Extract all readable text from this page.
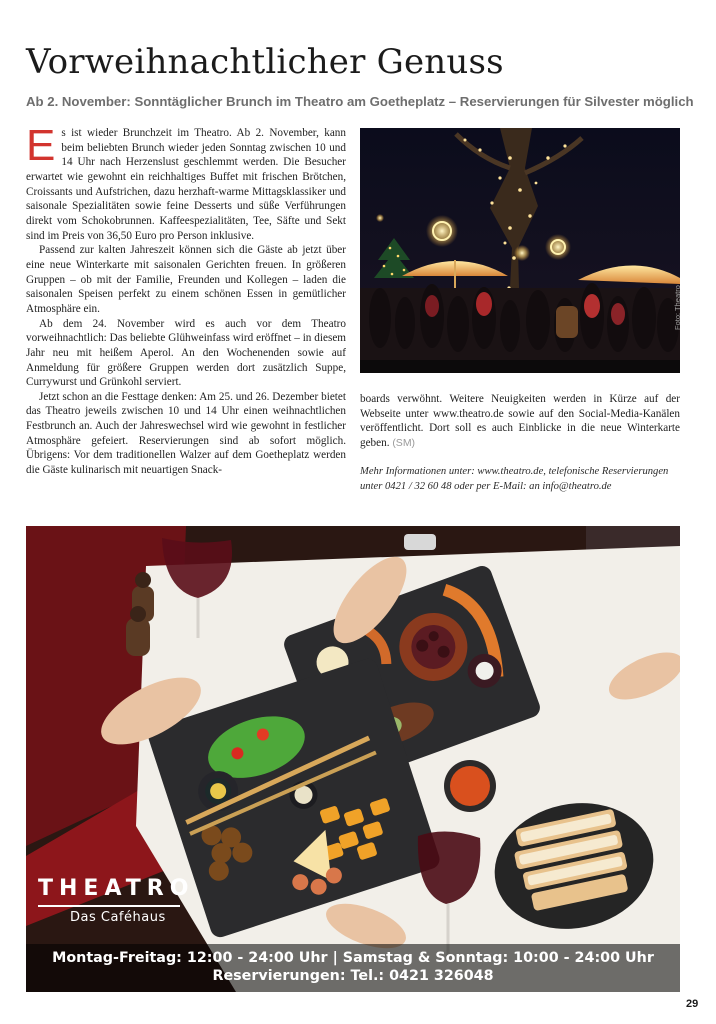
Vorweihnachtlicher Genuss
Ab 2. November: Sonntäglicher Brunch im Theatro am Goetheplatz – Reservierungen für Silvester möglich

Es ist wieder Brunchzeit im Theatro. Ab 2. November, kann beim beliebten Brunch wieder jeden Sonntag zwischen 10 und 14 Uhr nach Herzenslust geschlemmt werden. Die Besucher erwartet wie gewohnt ein reichhaltiges Buffet mit frischen Brötchen, Croissants und Aufstrichen, dazu herzhaft-warme Mittagsklassiker und saisonale Spezialitäten sowie feine Desserts und süße Verführungen direkt vom Schokobrunnen. Kaffeespezialitäten, Tee, Säfte und Sekt sind im Preis von 36,50 Euro pro Person inklusive.

Passend zur kalten Jahreszeit können sich die Gäste ab jetzt über eine neue Winterkarte mit saisonalen Gerichten freuen. In größeren Gruppen – ob mit der Familie, Freunden und Kollegen – laden die saisonalen Speisen perfekt zu einem schönen Essen in gemütlicher Atmosphäre ein.

Ab dem 24. November wird es auch vor dem Theatro vorweihnachtlich: Das beliebte Glühweinfass wird eröffnet – in diesem Jahr neu mit heißem Aperol. An den Wochenenden sowie auf Anmeldung für größere Gruppen werden dort zusätzlich Suppe, Currywurst und Grünkohl serviert.

Jetzt schon an die Festtage denken: Am 25. und 26. Dezember bietet das Theatro jeweils zwischen 10 und 14 Uhr einen weihnachtlichen Festbrunch an. Auch der Jahreswechsel wird wie gewohnt in festlicher Atmosphäre gefeiert. Reservierungen sind ab sofort möglich. Übrigens: Vor dem traditionellen Walzer auf dem Goetheplatz werden die Gäste kulinarisch mit neuartigen Snack-

Foto: Theatro

boards verwöhnt. Weitere Neuigkeiten werden in Kürze auf der Webseite unter www.theatro.de sowie auf den Social-Media-Kanälen veröffentlicht. Dort soll es auch Einblicke in die neue Winterkarte geben. (SM)

Mehr Informationen unter: www.theatro.de, telefonische Reservierungen unter 0421 / 32 60 48 oder per E-Mail: an info@theatro.de

THEATRO
Das Caféhaus
Montag-Freitag: 12:00 - 24:00 Uhr | Samstag & Sonntag: 10:00 - 24:00 Uhr
Reservierungen: Tel.: 0421 326048
29
